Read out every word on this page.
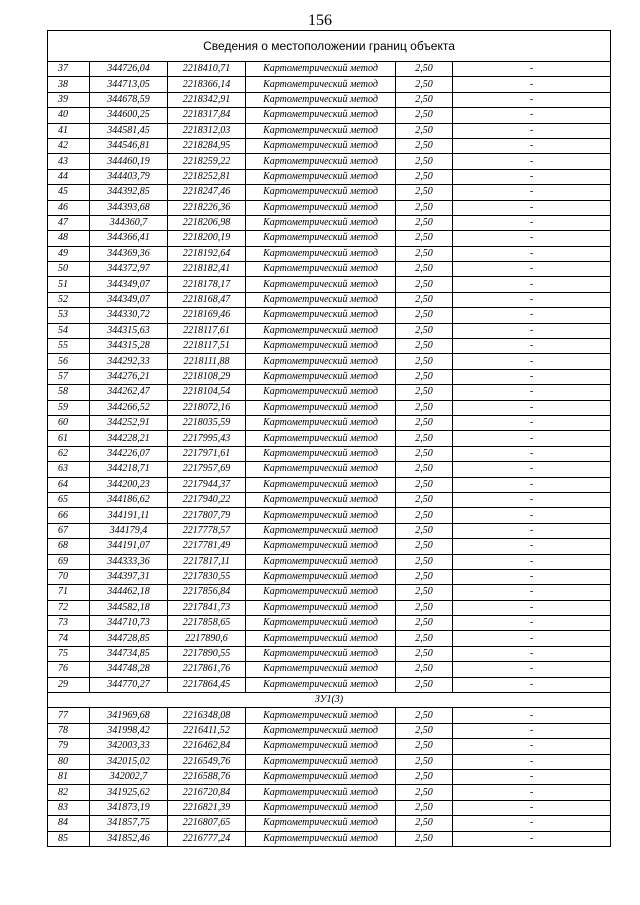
156
Сведения о местоположении границ объекта					
37	344726,04	2218410,71	Картометрический метод	2,50	-
38	344713,05	2218366,14	Картометрический метод	2,50	-
39	344678,59	2218342,91	Картометрический метод	2,50	-
40	344600,25	2218317,84	Картометрический метод	2,50	-
41	344581,45	2218312,03	Картометрический метод	2,50	-
42	344546,81	2218284,95	Картометрический метод	2,50	-
43	344460,19	2218259,22	Картометрический метод	2,50	-
44	344403,79	2218252,81	Картометрический метод	2,50	-
45	344392,85	2218247,46	Картометрический метод	2,50	-
46	344393,68	2218226,36	Картометрический метод	2,50	-
47	344360,7	2218206,98	Картометрический метод	2,50	-
48	344366,41	2218200,19	Картометрический метод	2,50	-
49	344369,36	2218192,64	Картометрический метод	2,50	-
50	344372,97	2218182,41	Картометрический метод	2,50	-
51	344349,07	2218178,17	Картометрический метод	2,50	-
52	344349,07	2218168,47	Картометрический метод	2,50	-
53	344330,72	2218169,46	Картометрический метод	2,50	-
54	344315,63	2218117,61	Картометрический метод	2,50	-
55	344315,28	2218117,51	Картометрический метод	2,50	-
56	344292,33	2218111,88	Картометрический метод	2,50	-
57	344276,21	2218108,29	Картометрический метод	2,50	-
58	344262,47	2218104,54	Картометрический метод	2,50	-
59	344266,52	2218072,16	Картометрический метод	2,50	-
60	344252,91	2218035,59	Картометрический метод	2,50	-
61	344228,21	2217995,43	Картометрический метод	2,50	-
62	344226,07	2217971,61	Картометрический метод	2,50	-
63	344218,71	2217957,69	Картометрический метод	2,50	-
64	344200,23	2217944,37	Картометрический метод	2,50	-
65	344186,62	2217940,22	Картометрический метод	2,50	-
66	344191,11	2217807,79	Картометрический метод	2,50	-
67	344179,4	2217778,57	Картометрический метод	2,50	-
68	344191,07	2217781,49	Картометрический метод	2,50	-
69	344333,36	2217817,11	Картометрический метод	2,50	-
70	344397,31	2217830,55	Картометрический метод	2,50	-
71	344462,18	2217856,84	Картометрический метод	2,50	-
72	344582,18	2217841,73	Картометрический метод	2,50	-
73	344710,73	2217858,65	Картометрический метод	2,50	-
74	344728,85	2217890,6	Картометрический метод	2,50	-
75	344734,85	2217890,55	Картометрический метод	2,50	-
76	344748,28	2217861,76	Картометрический метод	2,50	-
29	344770,27	2217864,45	Картометрический метод	2,50	-
ЗУ1(3)					
77	341969,68	2216348,08	Картометрический метод	2,50	-
78	341998,42	2216411,52	Картометрический метод	2,50	-
79	342003,33	2216462,84	Картометрический метод	2,50	-
80	342015,02	2216549,76	Картометрический метод	2,50	-
81	342002,7	2216588,76	Картометрический метод	2,50	-
82	341925,62	2216720,84	Картометрический метод	2,50	-
83	341873,19	2216821,39	Картометрический метод	2,50	-
84	341857,75	2216807,65	Картометрический метод	2,50	-
85	341852,46	2216777,24	Картометрический метод	2,50	-
